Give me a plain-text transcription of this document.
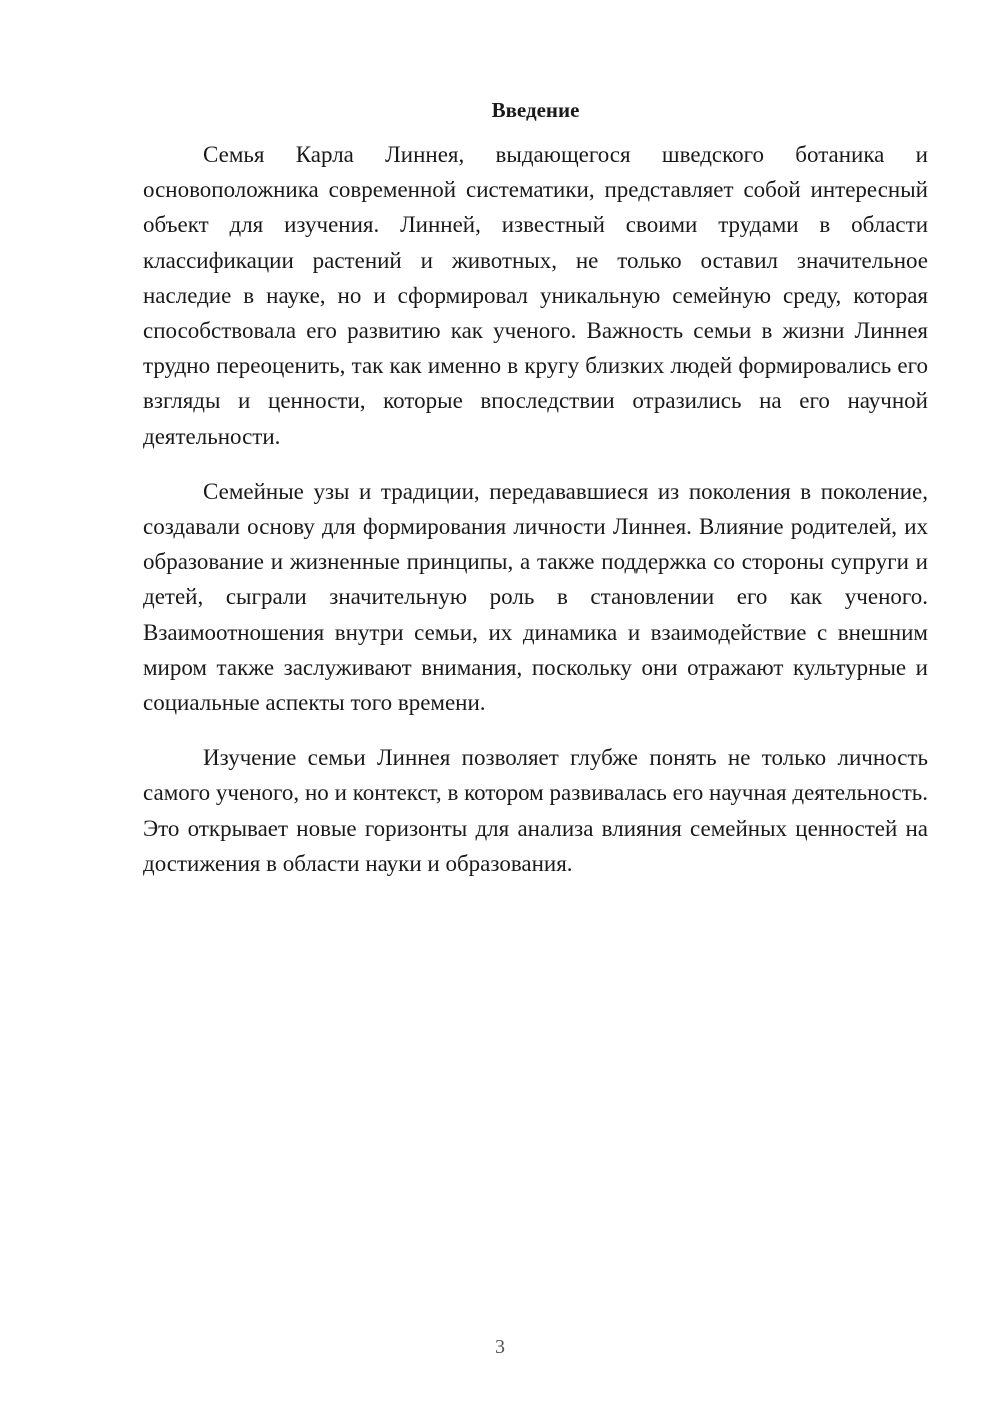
Введение

Семья Карла Линнея, выдающегося шведского ботаника и основоположника современной систематики, представляет собой интересный объект для изучения. Линней, известный своими трудами в области классификации растений и животных, не только оставил значительное наследие в науке, но и сформировал уникальную семейную среду, которая способствовала его развитию как ученого. Важность семьи в жизни Линнея трудно переоценить, так как именно в кругу близких людей формировались его взгляды и ценности, которые впоследствии отразились на его научной деятельности.

Семейные узы и традиции, передававшиеся из поколения в поколение, создавали основу для формирования личности Линнея. Влияние родителей, их образование и жизненные принципы, а также поддержка со стороны супруги и детей, сыграли значительную роль в становлении его как ученого. Взаимоотношения внутри семьи, их динамика и взаимодействие с внешним миром также заслуживают внимания, поскольку они отражают культурные и социальные аспекты того времени.

Изучение семьи Линнея позволяет глубже понять не только личность самого ученого, но и контекст, в котором развивалась его научная деятельность. Это открывает новые горизонты для анализа влияния семейных ценностей на достижения в области науки и образования.

3
